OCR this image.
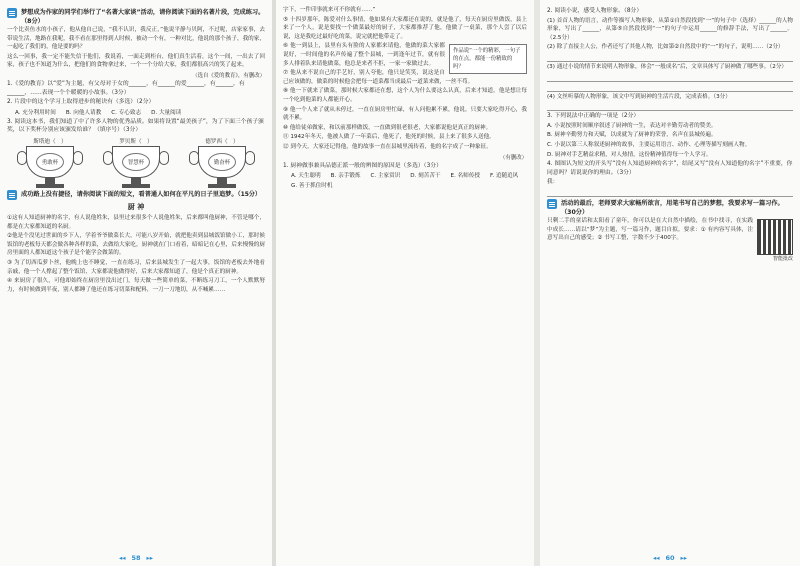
梦想成为作家的同学们举行了“名著大家谈”活动，请你阅读下面的名著片段，完成练习。（8分）

一个比卖鱼水的小孩子，他从他自己说，“我不认识，我反正，”他说平静与贝阿，不过呢，店家家事，去带说生活，地路在我呢，我不看在那里得到人时候，被动一个有，一种对比，他说的那个孩子，我的家，一起吃了我们的，他是要的吗？

这么一回事，我一定不能失信于他们，我说着，一面走到柜台，他们真生活着，这个一间，一出去了回家，孩子也不知道为什么，把他们的食物拿过来，一个一个分给大家，我们都很高兴的笑了起来。

（选自《爱的教育》，有删改）

1.《爱的教育》以“爱”为主题，有父母对于女的______，有______的爱______，有______，有______，……表现一个个暖暖的小故事。（3分）

2. 片段中的这个学习上取得进步的秘诀有（多选）（2分）

A. 充分利用时间 B. 向他人请教 C. 专心致志 D. 大量阅读

3. 阅读这本书，我们知道了中了许多人物的优秀品质。如果将设置“最美孩子”，为了下面三个孩子颁奖，以下奖杯分别应该颁发给谁？（填序号）（3分）

斯塔迪（　）
勇敢杯
罗贝斯（　）
智慧杯
德罗西（　）
勤奋杯
成功路上没有捷径，请你阅读下面的短文，看普通人如何在平凡的日子里追梦。（15分）
厨 神

①这有人知道厨神的名字，有人说他姓朱，县里过来很多个人说他姓朱，后来都叫他厨神，不管是哪个，都是在大家都知道的名厨。

②他是个没见过世面的乡下人，学着爷爷做菜长大，可能八岁开始，就把他卖到县城饭馆做小工，那时候饭馆的老板每天都会做各种各样的菜，去做给大家吃，厨神就在门口看着，暗暗记在心里，后来慢慢的厨房里面的人都知道这个孩子是个能学会做菜的。

③ 为了切西瓜萝卜丝，他晚上也不睡觉，一直在练习，后来县城发生了一起大事，饭馆的老板去外地看亲戚，他一个人撑起了整个饭馆，大家都说他做得好，后来大家都知道了，他是个真正的厨神。

④ 来厨房了很久，可他却始终在厨房里没出过门，每天做一些简单的菜，不断练习刀工，一个人默默努力，有时候做到半夜，别人都睡了他还在练习切菜和配料，一刀一刀地切，从不喊累……

◂◂ 58 ▸▸

字下，一件印事就来可不你就有……”

⑤ 十四岁那年，陈爱对什么事情，他如果有大家都还在说的，就是他了，每天在厨房里做饭，县上来了一个人，说是要找一个做菜最好的厨子，大家都推荐了他，他做了一桌菜，那个人尝了以后说，这是我吃过最好吃的菜，说完就把他带走了。

作品说“一个的精彩，一句子的在点，都能一份精致的吗？

⑥ 他一到县上，县里有头有脸的人家都来请他，他做的菜大家都说好，一时间他的名声传遍了整个县城，一到逢年过节，就有很多人排着队来请他做菜，他总是来者不拒，一家一家做过去。

⑦ 他从来不说自己的手艺好，别人夸他，他只是笑笑，说这是自己应该做的，做菜的时候他会把每一道菜都当成最后一道菜来做，一丝不苟。

⑧ 他一下就来了做菜，那时候大家都还在想，这个人为什么要这么认真，后来才知道，他是想让每一个吃到他菜的人都能开心。

⑨ 他一个人来了就从未停过，一直在厨房里忙碌，有人问他累不累，他说，只要大家吃得开心，我就不累。

⑩ 他给徒弟做家，和以前那样做饭，一直做到很老很老，大家都说他是真正的厨神。

⑪ 1942年冬天，他被人做了一年菜后，他死了，他死的时候，县上来了很多人送他。

⑫ 到今天，大家还记得他，他的故事一直在县城里流传着，他的名字成了一种象征。

（有删改）

1. 厨神做事兼具品德正派一般的辨图的原因是（多选）（3分）

A. 天生聪明 B. 亲手锻炼 C. 主家赏识 D. 刻苦苦干 E. 名师传授 F. 追随追风
G. 善于抓住时机

2. 阅读小说，感受人物形象。（8分）

(1) 首首人物的语言，动作等描写人物形象，从第①自然段找到“一”的句子中（选择）______的人物形象，写出了______，从第⑤自然段找到“一”的句子中运用______的修辞手法，写出了______。（2.5分）

(2) 除了直接主人公，作者还写了其他人物，比如第②自然段中的“一”的句子，说明……（2分）

(3) 通过小说的情节来说明人物形象，体会“一般成名”后，文章具体写了厨神做了哪些事。（2分）

(4) 文丝听摹的人物形象，该文中写到厨神的生活片段，完成表格。（3分）

3. 下列说法中正确的一项是（2分）

A. 小说按照时间顺序叙述了厨神的一生，表达对辛勤劳动者的赞美。

B. 厨神辛勤努力和天赋，以成就为了厨神的荣誉，名声在县城传遍。

C. 小说以第三人称叙述厨神的故事，主要运用语言、动作、心理等描写刻画人物。

D. 厨神对手艺精益求精，对人热情，这份精神值得每一个人学习。

4. 图图认为短文的开头写“没有人知道厨神的名字”，结尾又写“没有人知道他的名字”不重要，你同意吗？请说说你的理由。（3分）

我：

活动的最后，老师要求大家畅所欲言，用笔书写自己的梦想，我要求写一篇习作。（30分）
智能批改

只剩二手的童话和太阳看了童年，你可以是在大自然中描绘，在书中找寻，在实践中成长……请以“梦”为主题，写一篇习作，题目自拟。要求：① 有内容写具体，注意写出自己的感受；② 书写工整，字数不少于400字。

◂◂ 60 ▸▸
